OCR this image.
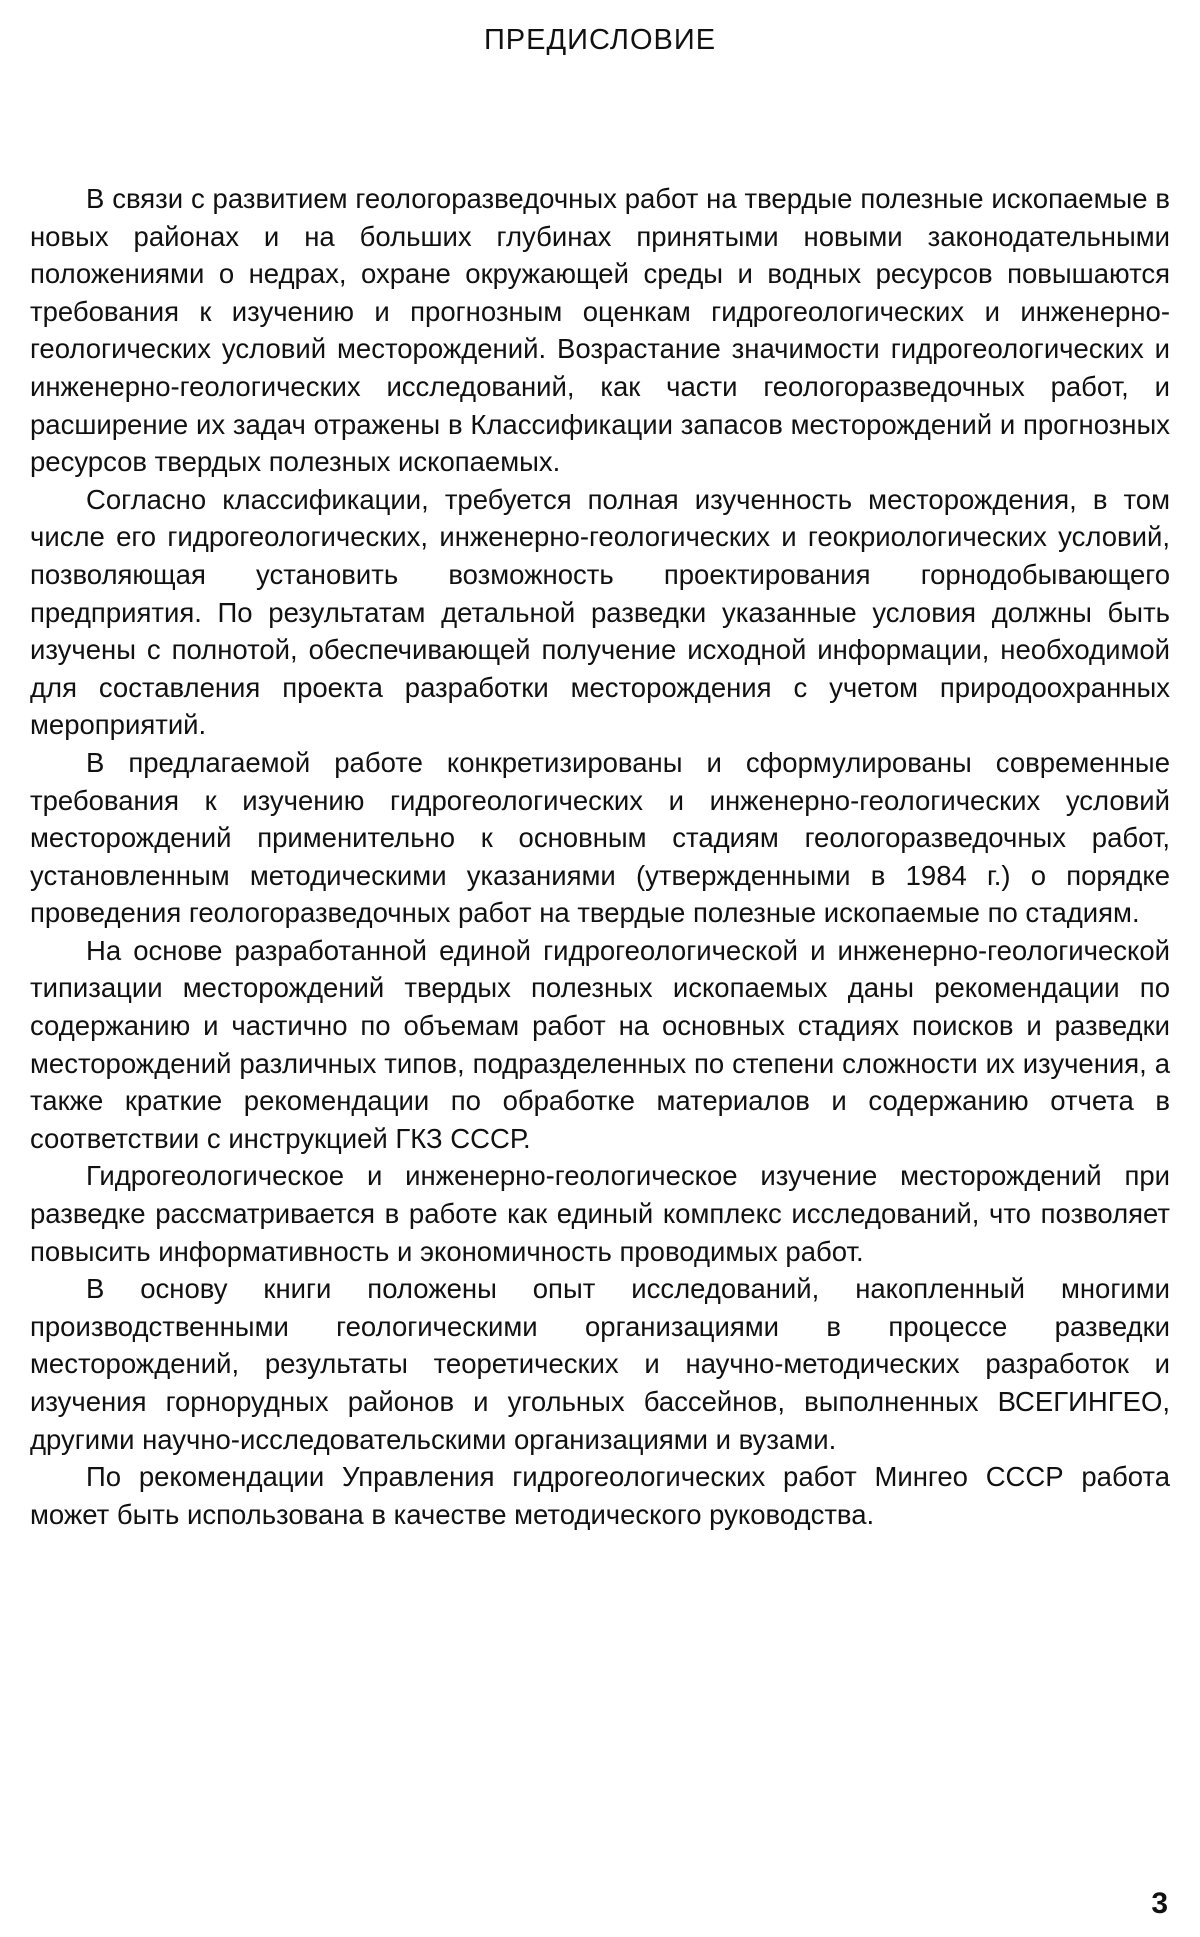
ПРЕДИСЛОВИЕ

В связи с развитием геологоразведочных работ на твердые полезные ископаемые в новых районах и на больших глубинах принятыми новыми законодательными положениями о недрах, охране окружающей среды и водных ресурсов повышаются требования к изучению и прогнозным оценкам гидрогеологических и инженерно-геологических условий месторождений. Возрастание значимости гидрогеологических и инженерно-геологических исследований, как части геологоразведочных работ, и расширение их задач отражены в Классификации запасов месторождений и прогнозных ресурсов твердых полезных ископаемых.

Согласно классификации, требуется полная изученность месторождения, в том числе его гидрогеологических, инженерно-геологических и геокриологических условий, позволяющая установить возможность проектирования горнодобывающего предприятия. По результатам детальной разведки указанные условия должны быть изучены с полнотой, обеспечивающей получение исходной информации, необходимой для составления проекта разработки месторождения с учетом природоохранных мероприятий.

В предлагаемой работе конкретизированы и сформулированы современные требования к изучению гидрогеологических и инженерно-геологических условий месторождений применительно к основным стадиям геологоразведочных работ, установленным методическими указаниями (утвержденными в 1984 г.) о порядке проведения геологоразведочных работ на твердые полезные ископаемые по стадиям.

На основе разработанной единой гидрогеологической и инженерно-геологической типизации месторождений твердых полезных ископаемых даны рекомендации по содержанию и частично по объемам работ на основных стадиях поисков и разведки месторождений различных типов, подразделенных по степени сложности их изучения, а также краткие рекомендации по обработке материалов и содержанию отчета в соответствии с инструкцией ГКЗ СССР.

Гидрогеологическое и инженерно-геологическое изучение месторождений при разведке рассматривается в работе как единый комплекс исследований, что позволяет повысить информативность и экономичность проводимых работ.

В основу книги положены опыт исследований, накопленный многими производственными геологическими организациями в процессе разведки месторождений, результаты теоретических и научно-методических разработок и изучения горнорудных районов и угольных бассейнов, выполненных ВСЕГИНГЕО, другими научно-исследовательскими организациями и вузами.

По рекомендации Управления гидрогеологических работ Мингео СССР работа может быть использована в качестве методического руководства.

3
